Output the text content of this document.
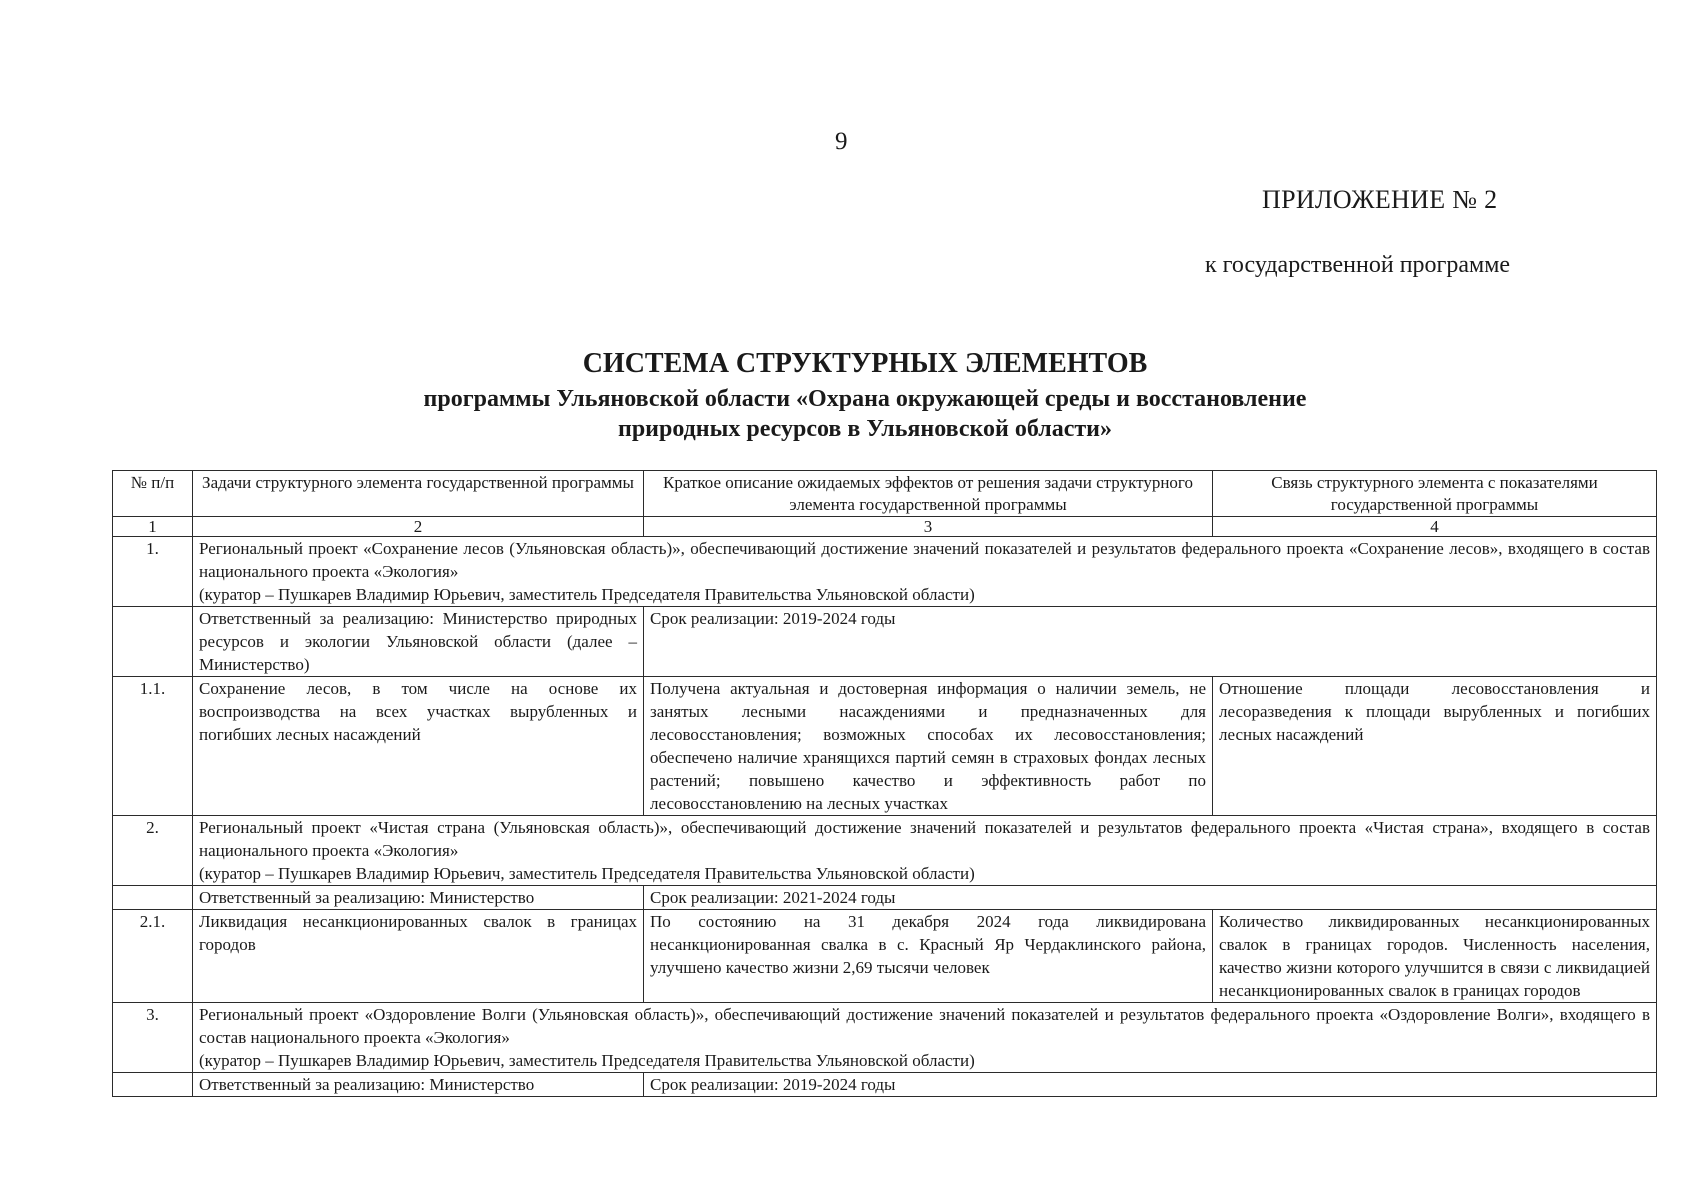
9
ПРИЛОЖЕНИЕ № 2
к государственной программе
СИСТЕМА СТРУКТУРНЫХ ЭЛЕМЕНТОВ
программы Ульяновской области «Охрана окружающей среды и восстановление
природных ресурсов в Ульяновской области»
№ п/п	Задачи структурного элемента государственной программы	Краткое описание ожидаемых эффектов от решения задачи структурного элемента государственной программы	Связь структурного элемента с показателями государственной программы
1	2	3	4
1.	Региональный проект «Сохранение лесов (Ульяновская область)», обеспечивающий достижение значений показателей и результатов федерального проекта «Сохранение лесов», входящего в состав национального проекта «Экология»
(куратор – Пушкарев Владимир Юрьевич, заместитель Председателя Правительства Ульяновской области)		

	Ответственный за реализацию: Министерство природных ресурсов и экологии Ульяновской области (далее – Министерство)	Срок реализации: 2019-2024 годы	
1.1.	Сохранение лесов, в том числе на основе их воспроизводства на всех участках вырубленных и погибших лесных насаждений	Получена актуальная и достоверная информация о наличии земель, не занятых лесными насаждениями и предназначенных для лесовосстановления; возможных способах их лесовосстановления; обеспечено наличие хранящихся партий семян в страховых фондах лесных растений; повышено качество и эффективность работ по лесовосстановлению на лесных участках	Отношение площади лесовосстановления и лесоразведения к площади вырубленных и погибших лесных насаждений
2.	Региональный проект «Чистая страна (Ульяновская область)», обеспечивающий достижение значений показателей и результатов федерального проекта «Чистая страна», входящего в состав национального проекта «Экология»
(куратор – Пушкарев Владимир Юрьевич, заместитель Председателя Правительства Ульяновской области)		

	Ответственный за реализацию: Министерство	Срок реализации: 2021-2024 годы	
2.1.	Ликвидация несанкционированных свалок в границах городов	По состоянию на 31 декабря 2024 года ликвидирована несанкционированная свалка в с. Красный Яр Чердаклинского района, улучшено качество жизни 2,69 тысячи человек	Количество ликвидированных несанкционированных свалок в границах городов. Численность населения, качество жизни которого улучшится в связи с ликвидацией несанкционированных свалок в границах городов
3.	Региональный проект «Оздоровление Волги (Ульяновская область)», обеспечивающий достижение значений показателей и результатов федерального проекта «Оздоровление Волги», входящего в состав национального проекта «Экология»
(куратор – Пушкарев Владимир Юрьевич, заместитель Председателя Правительства Ульяновской области)		

	Ответственный за реализацию: Министерство	Срок реализации: 2019-2024 годы	
